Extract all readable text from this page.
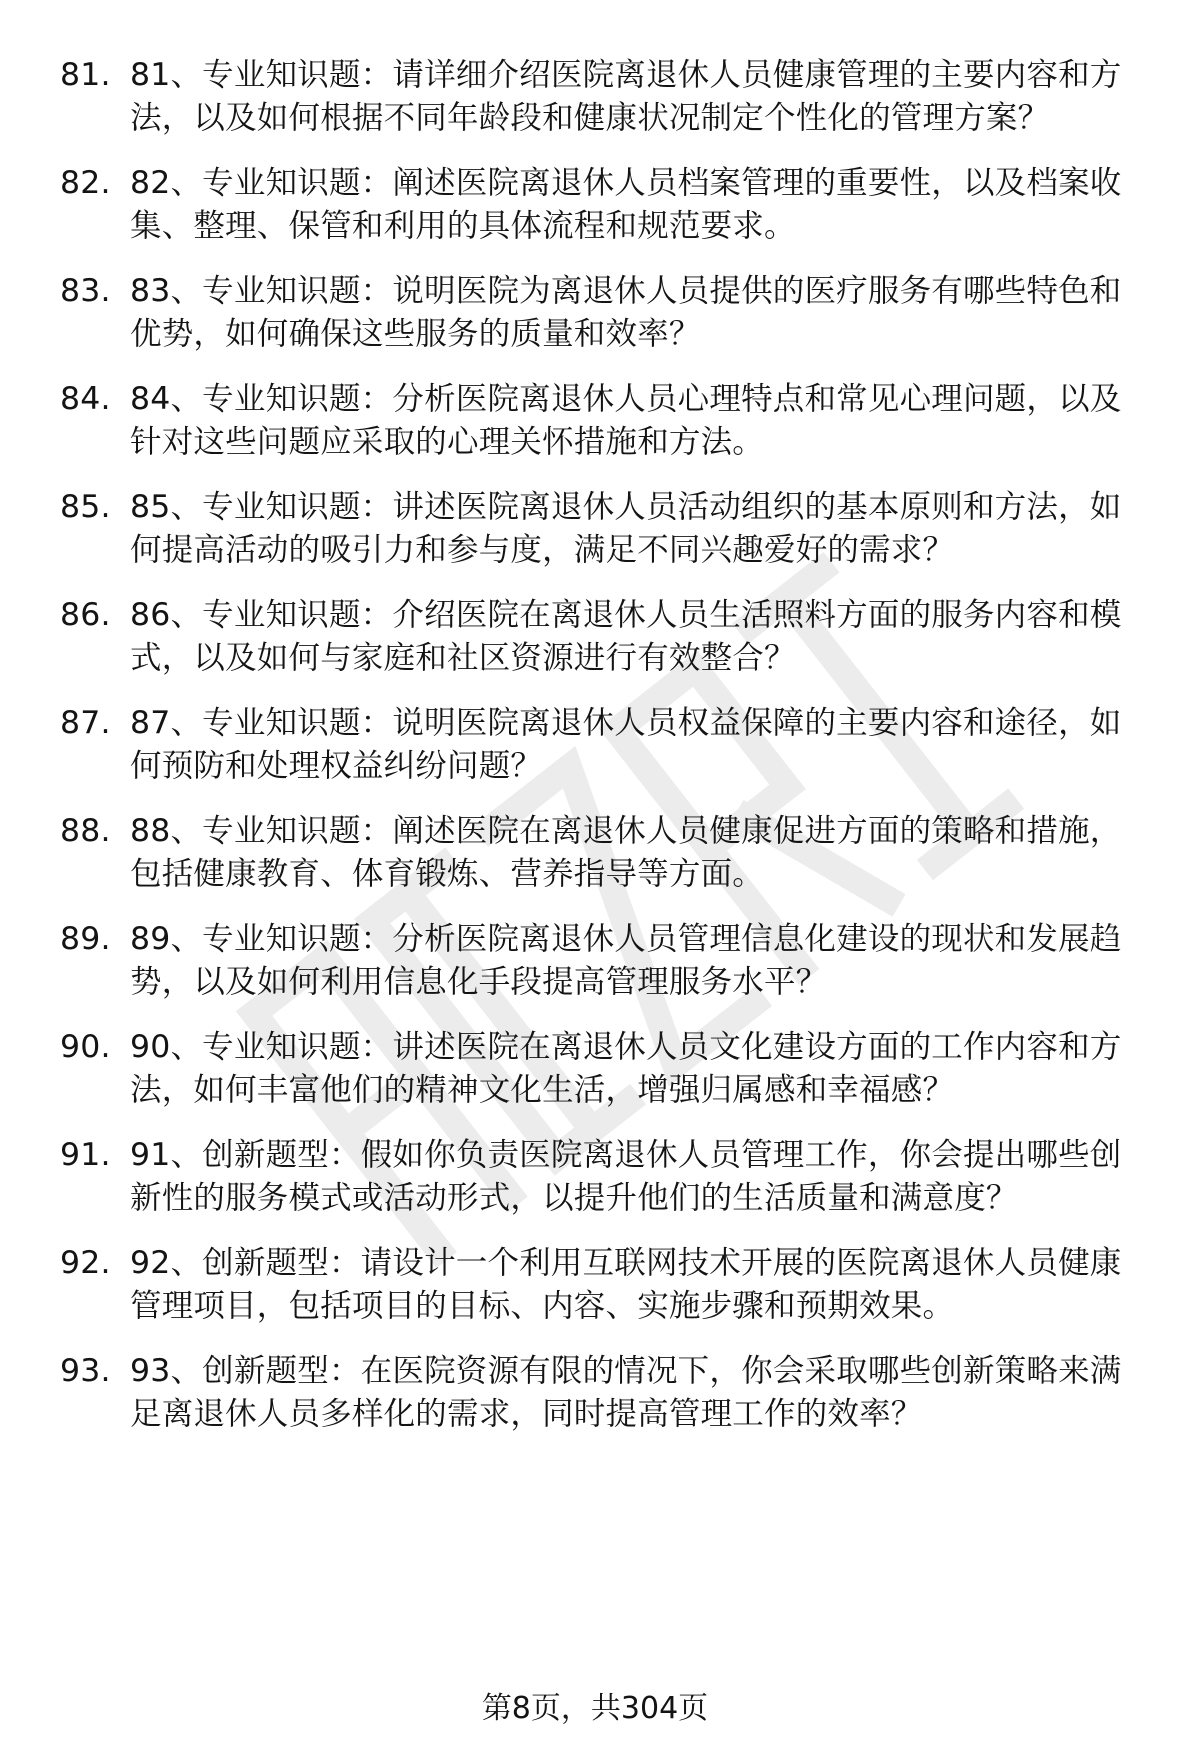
81. 81、专业知识题：请详细介绍医院离退休人员健康管理的主要内容和方法，以及如何根据不同年龄段和健康状况制定个性化的管理方案？
82. 82、专业知识题：阐述医院离退休人员档案管理的重要性，以及档案收集、整理、保管和利用的具体流程和规范要求。
83. 83、专业知识题：说明医院为离退休人员提供的医疗服务有哪些特色和优势，如何确保这些服务的质量和效率？
84. 84、专业知识题：分析医院离退休人员心理特点和常见心理问题，以及针对这些问题应采取的心理关怀措施和方法。
85. 85、专业知识题：讲述医院离退休人员活动组织的基本原则和方法，如何提高活动的吸引力和参与度，满足不同兴趣爱好的需求？
86. 86、专业知识题：介绍医院在离退休人员生活照料方面的服务内容和模式，以及如何与家庭和社区资源进行有效整合？
87. 87、专业知识题：说明医院离退休人员权益保障的主要内容和途径，如何预防和处理权益纠纷问题？
88. 88、专业知识题：阐述医院在离退休人员健康促进方面的策略和措施，包括健康教育、体育锻炼、营养指导等方面。
89. 89、专业知识题：分析医院离退休人员管理信息化建设的现状和发展趋势，以及如何利用信息化手段提高管理服务水平？
90. 90、专业知识题：讲述医院在离退休人员文化建设方面的工作内容和方法，如何丰富他们的精神文化生活，增强归属感和幸福感？
91. 91、创新题型：假如你负责医院离退休人员管理工作，你会提出哪些创新性的服务模式或活动形式，以提升他们的生活质量和满意度？
92. 92、创新题型：请设计一个利用互联网技术开展的医院离退休人员健康管理项目，包括项目的目标、内容、实施步骤和预期效果。
93. 93、创新题型：在医院资源有限的情况下，你会采取哪些创新策略来满足离退休人员多样化的需求，同时提高管理工作的效率？
第8页，共304页
